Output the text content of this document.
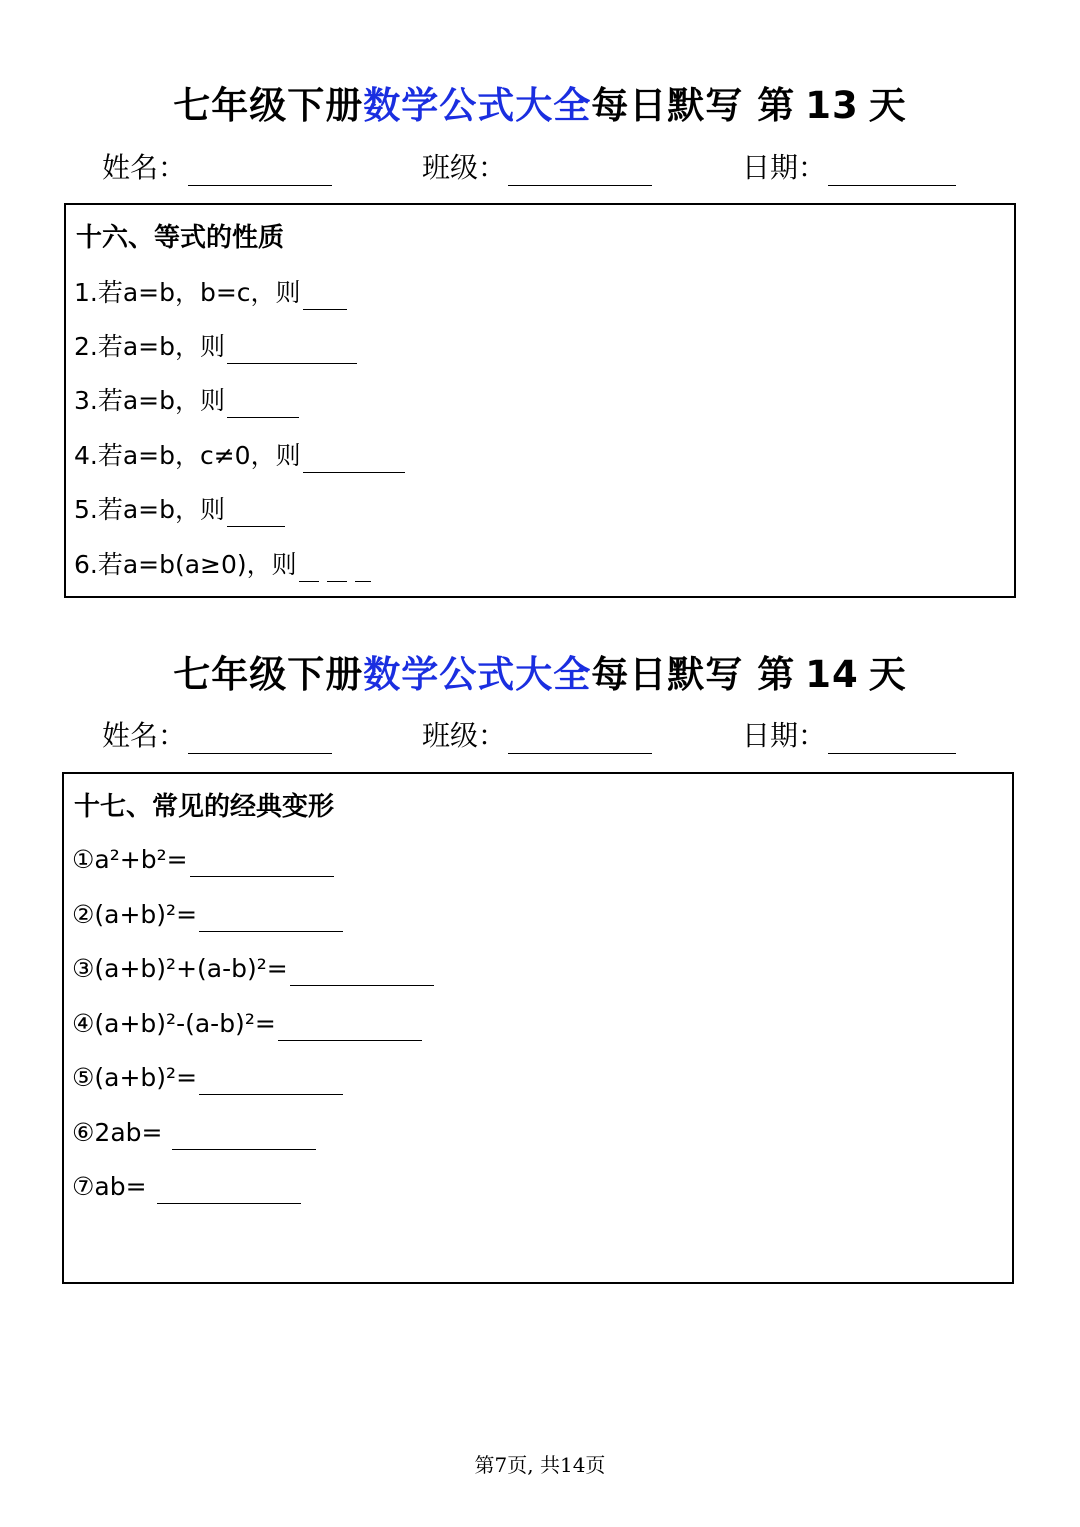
七年级下册数学公式大全每日默写 第 13 天
姓名：	班级：	日期：
十六、等式的性质
1.若a=b，b=c，则
2.若a=b，则
3.若a=b，则
4.若a=b，c≠0，则
5.若a=b，则
6.若a=b(a≥0)，则
七年级下册数学公式大全每日默写 第 14 天
姓名：	班级：	日期：
十七、常见的经典变形
①a²+b²=
②(a+b)²=
③(a+b)²+(a-b)²=
④(a+b)²-(a-b)²=
⑤(a+b)²=
⑥2ab=
⑦ab=
第7页, 共14页
